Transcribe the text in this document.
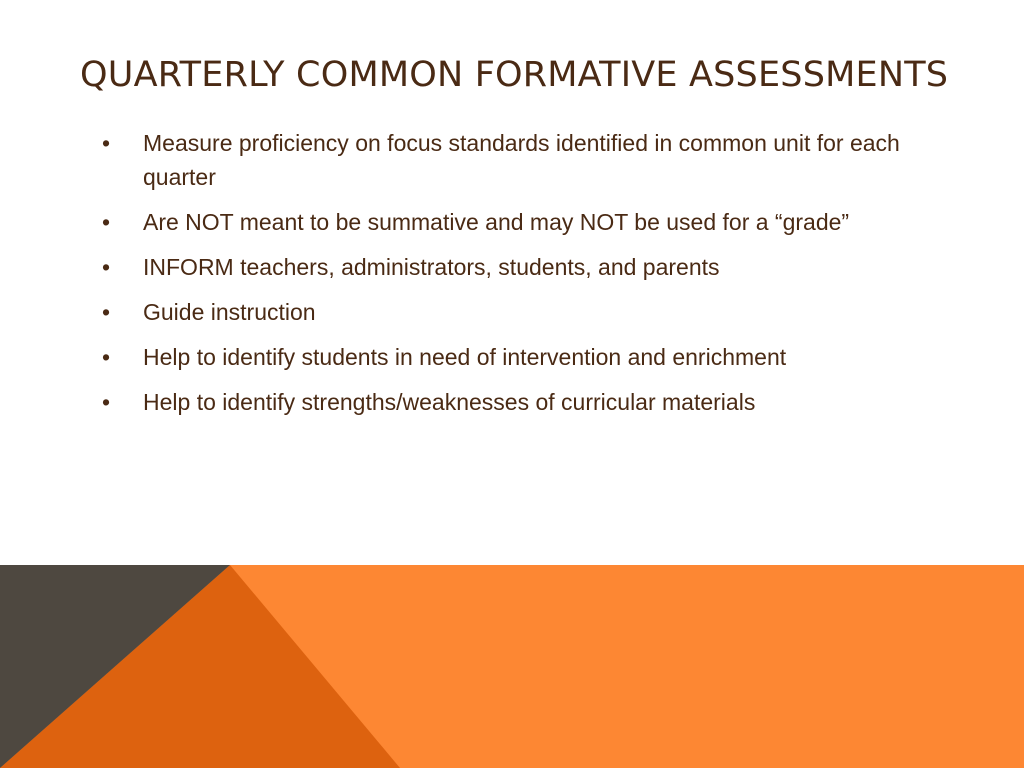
QUARTERLY COMMON FORMATIVE ASSESSMENTS
• Measure proficiency on focus standards identified in common unit for each quarter
• Are NOT meant to be summative and may NOT be used for a “grade”
• INFORM teachers, administrators, students, and parents
• Guide instruction
• Help to identify students in need of intervention and enrichment
• Help to identify strengths/weaknesses of curricular materials
